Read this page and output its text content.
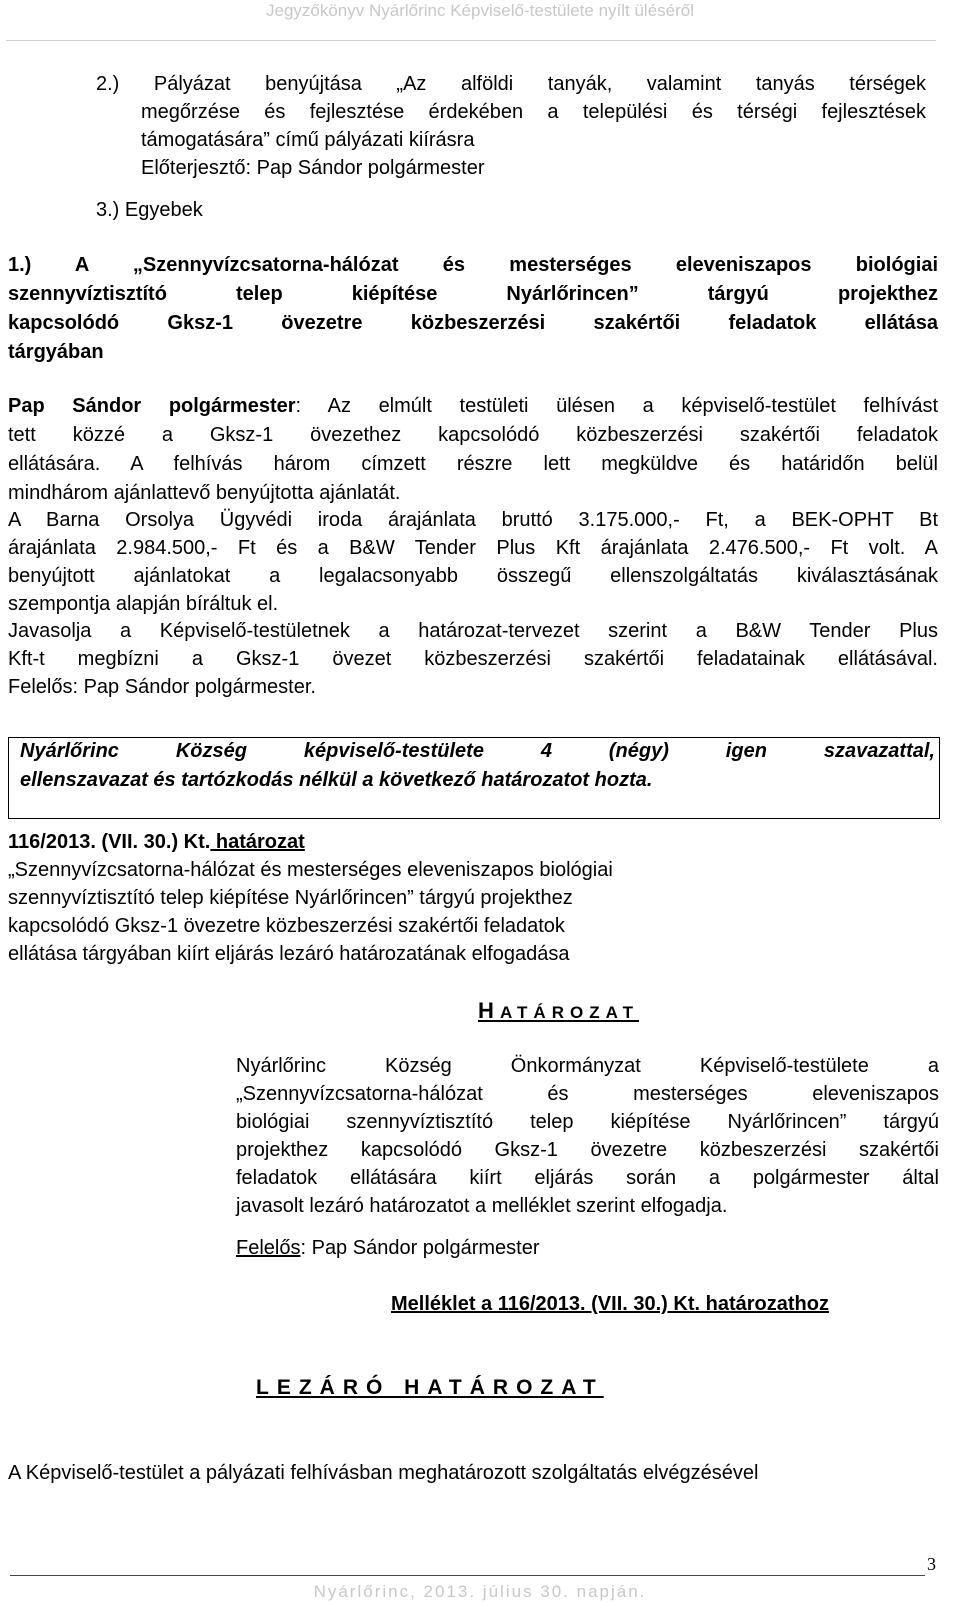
Jegyzőkönyv Nyárlőrinc Képviselő-testülete nyílt üléséről
2.) Pályázat benyújtása „Az alföldi tanyák, valamint tanyás térségek
megőrzése és fejlesztése érdekében a települési és térségi fejlesztések
támogatására” című pályázati kiírásra
Előterjesztő: Pap Sándor polgármester
3.) Egyebek
1.) A „Szennyvízcsatorna-hálózat és mesterséges eleveniszapos biológiai
szennyvíztisztító telep kiépítése Nyárlőrincen” tárgyú projekthez
kapcsolódó Gksz-1 övezetre közbeszerzési szakértői feladatok ellátása
tárgyában
Pap Sándor polgármester: Az elmúlt testületi ülésen a képviselő-testület felhívást
tett közzé a Gksz-1 övezethez kapcsolódó közbeszerzési szakértői feladatok
ellátására. A felhívás három címzett részre lett megküldve és határidőn belül
mindhárom ajánlattevő benyújtotta ajánlatát.
A Barna Orsolya Ügyvédi iroda árajánlata bruttó 3.175.000,- Ft, a BEK-OPHT Bt
árajánlata 2.984.500,- Ft és a B&W Tender Plus Kft árajánlata 2.476.500,- Ft volt. A
benyújtott ajánlatokat a legalacsonyabb összegű ellenszolgáltatás kiválasztásának
szempontja alapján bíráltuk el.
Javasolja a Képviselő-testületnek a határozat-tervezet szerint a B&W Tender Plus
Kft-t megbízni a Gksz-1 övezet közbeszerzési szakértői feladatainak ellátásával.
Felelős: Pap Sándor polgármester.
Nyárlőrinc Község képviselő-testülete 4 (négy) igen szavazattal,
ellenszavazat és tartózkodás nélkül a következő határozatot hozta.
116/2013. (VII. 30.) Kt. határozat
„Szennyvízcsatorna-hálózat és mesterséges eleveniszapos biológiai
szennyvíztisztító telep kiépítése Nyárlőrincen” tárgyú projekthez
kapcsolódó Gksz-1 övezetre közbeszerzési szakértői feladatok
ellátása tárgyában kiírt eljárás lezáró határozatának elfogadása
H ATÁROZAT
Nyárlőrinc Község Önkormányzat Képviselő-testülete a
„Szennyvízcsatorna-hálózat és mesterséges eleveniszapos
biológiai szennyvíztisztító telep kiépítése Nyárlőrincen” tárgyú
projekthez kapcsolódó Gksz-1 övezetre közbeszerzési szakértői
feladatok ellátására kiírt eljárás során a polgármester által
javasolt lezáró határozatot a melléklet szerint elfogadja.
Felelős: Pap Sándor polgármester
Melléklet a 116/2013. (VII. 30.) Kt. határozathoz
LEZÁRÓ HATÁROZAT
A Képviselő-testület a pályázati felhívásban meghatározott szolgáltatás elvégzésével
3
Nyárlőrinc, 2013. július 30. napján.
